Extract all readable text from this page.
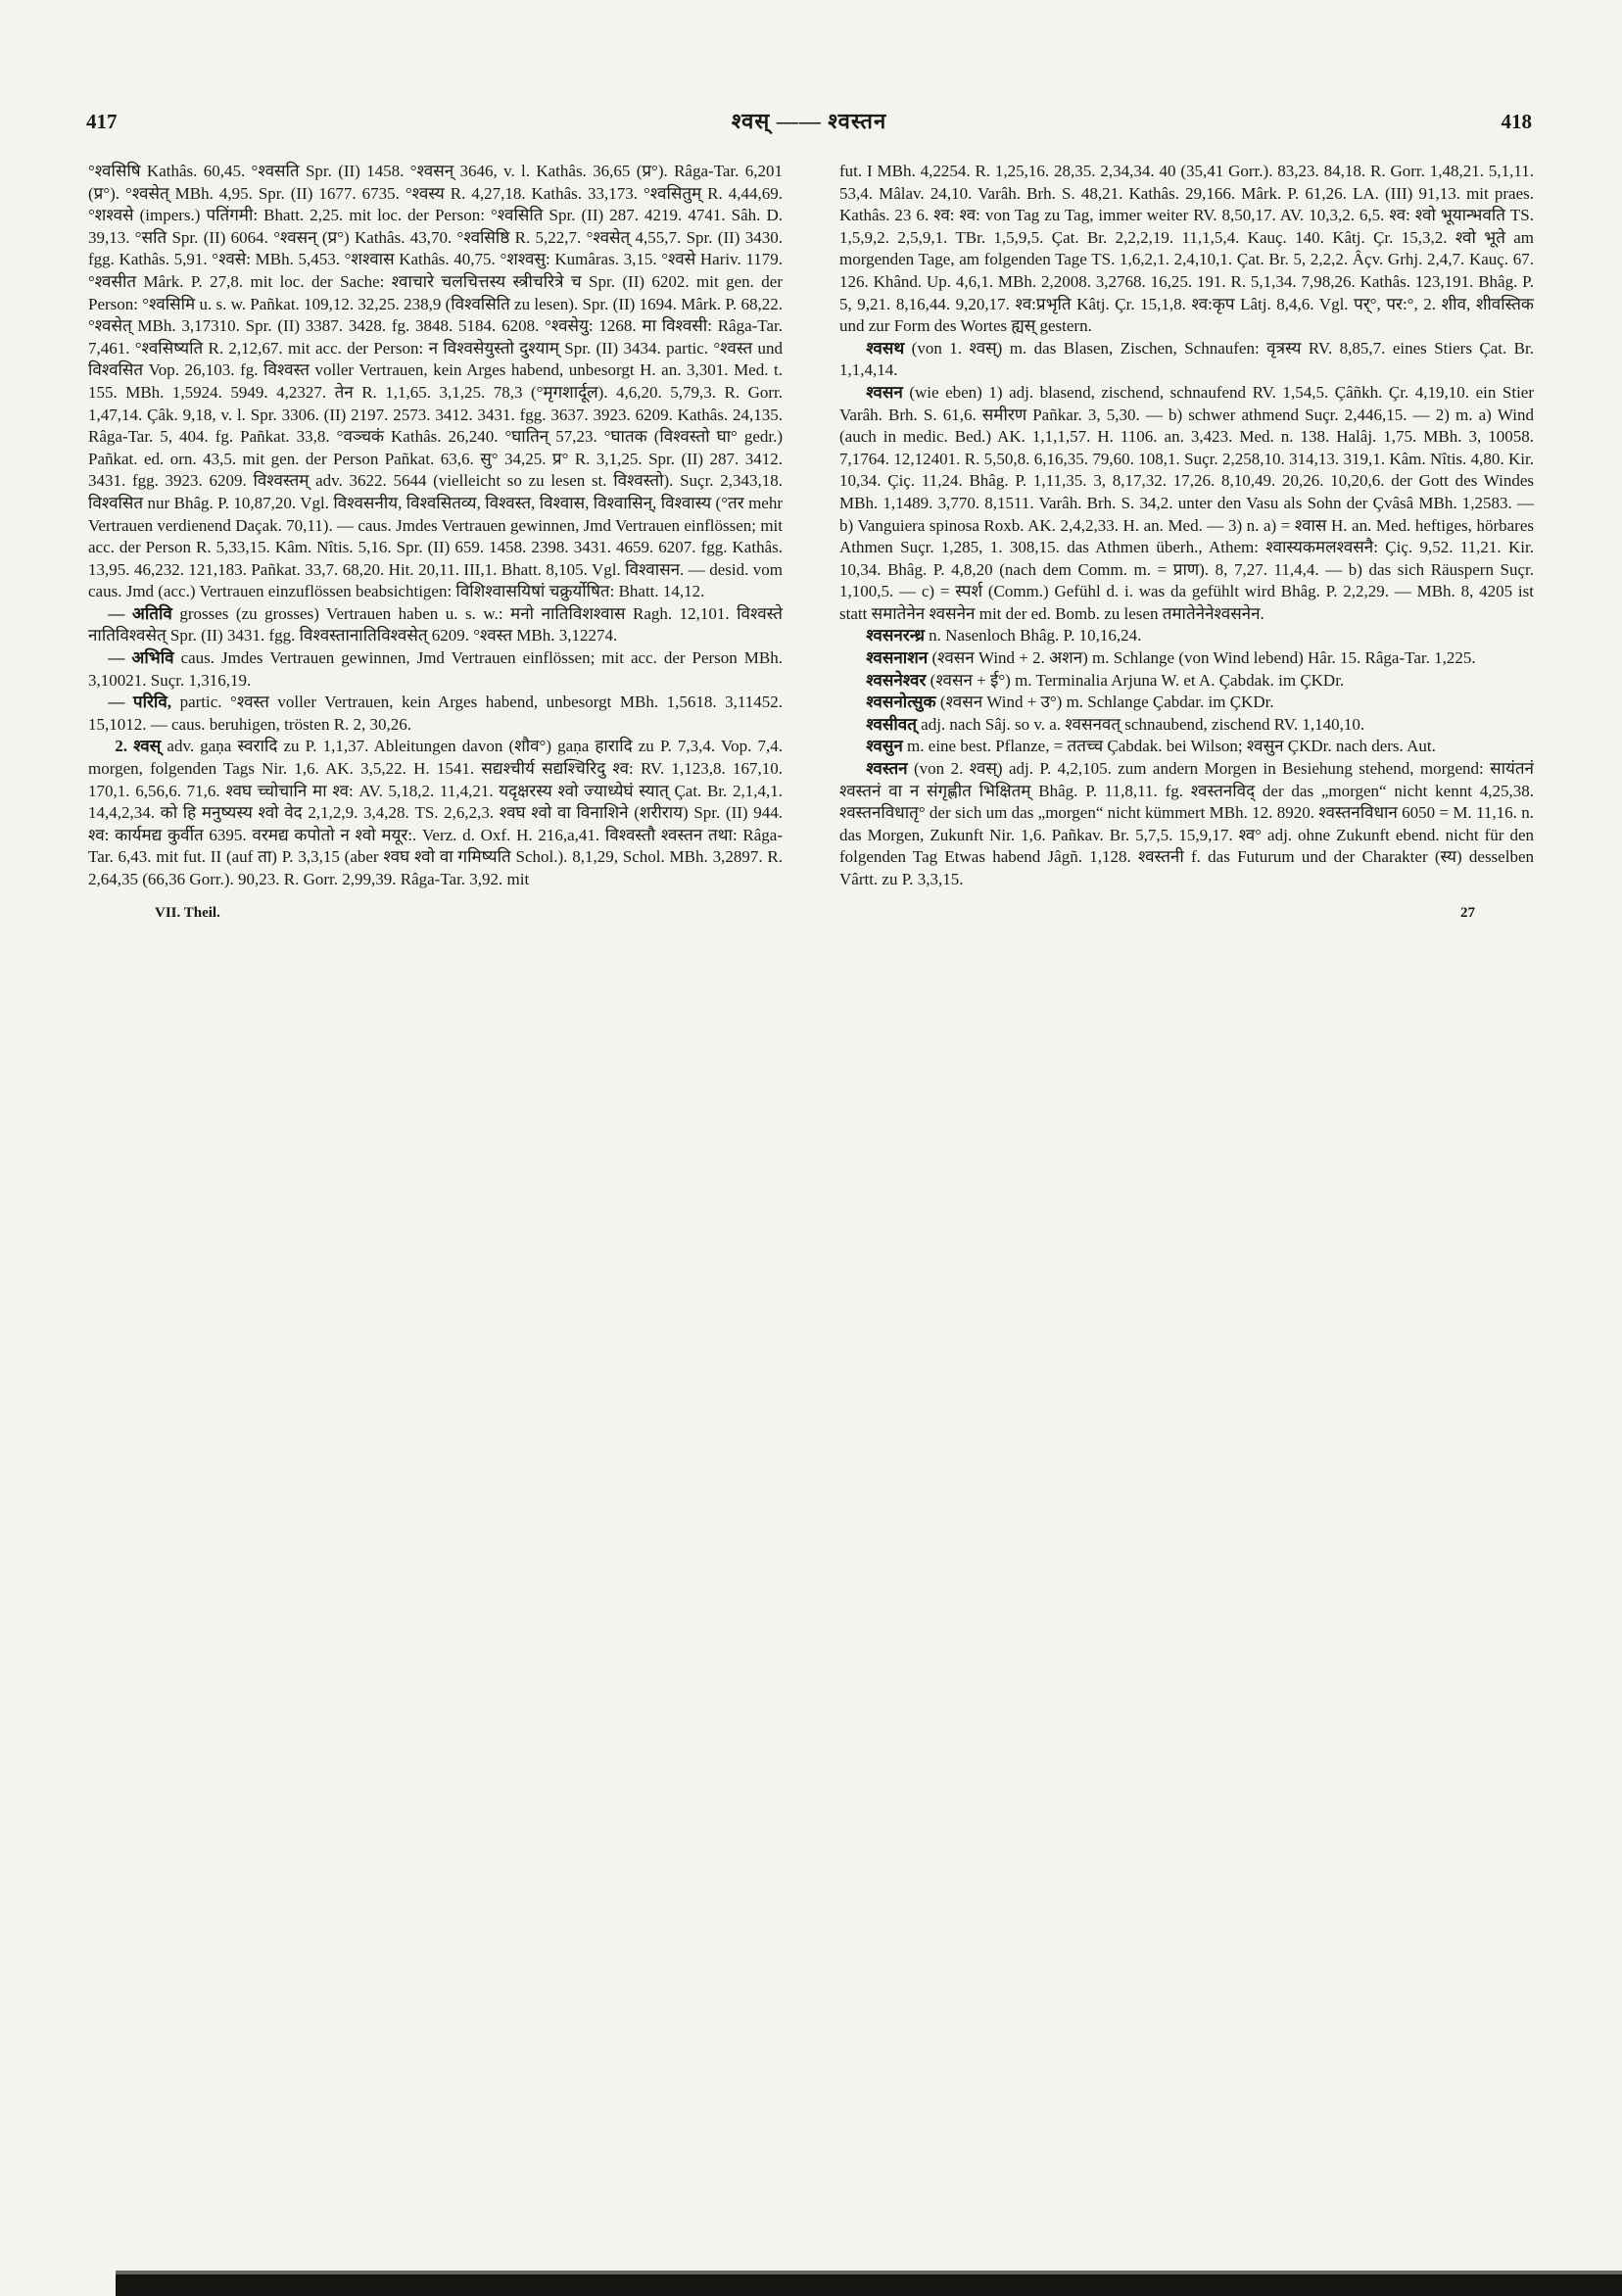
417	श्वस् —— श्वस्तन	418

°श्वसिषि Kathâs. 60,45. °श्वसति Spr. (II) 1458. °श्वसन् 3646, v. l. Kathâs. 36,65 (प्र°). Râga-Tar. 6,201 (प्र°). °श्वसेत् MBh. 4,95. Spr. (II) 1677. 6735. °श्वस्य R. 4,27,18. Kathâs. 33,173. °श्वसितुम् R. 4,44,69. °शश्वसे (impers.) पतिंगमी: Bhatt. 2,25. mit loc. der Person: °श्वसिति Spr. (II) 287. 4219. 4741. Sâh. D. 39,13. °सति Spr. (II) 6064. °श्वसन् (प्र°) Kathâs. 43,70. °श्वसिष्ठि R. 5,22,7. °श्वसेत् 4,55,7. Spr. (II) 3430. fgg. Kathâs. 5,91. °श्वसे: MBh. 5,453. °शश्वास Kathâs. 40,75. °शश्वसु: Kumâras. 3,15. °श्वसे Hariv. 1179. °श्वसीत Mârk. P. 27,8. mit loc. der Sache: श्वाचारे चलचित्तस्य स्त्रीचरित्रे च Spr. (II) 6202. mit gen. der Person: °श्वसिमि u. s. w. Pañkat. 109,12. 32,25. 238,9 (विश्वसिति zu lesen). Spr. (II) 1694. Mârk. P. 68,22. °श्वसेत् MBh. 3,17310. Spr. (II) 3387. 3428. fg. 3848. 5184. 6208. °श्वसेयु: 1268. मा विश्वसी: Râga-Tar. 7,461. °श्वसिष्यति R. 2,12,67. mit acc. der Person: न विश्वसेयुस्तो दुश्याम् Spr. (II) 3434. partic. °श्वस्त und विश्वसित Vop. 26,103. fg. विश्वस्त voller Vertrauen, kein Arges habend, unbesorgt H. an. 3,301. Med. t. 155. MBh. 1,5924. 5949. 4,2327. तेन R. 1,1,65. 3,1,25. 78,3 (°मृगशार्दूल). 4,6,20. 5,79,3. R. Gorr. 1,47,14. Çâk. 9,18, v. l. Spr. 3306. (II) 2197. 2573. 3412. 3431. fgg. 3637. 3923. 6209. Kathâs. 24,135. Râga-Tar. 5, 404. fg. Pañkat. 33,8. °वञ्चकं Kathâs. 26,240. °घातिन् 57,23. °घातक (विश्वस्तो घा° gedr.) Pañkat. ed. orn. 43,5. mit gen. der Person Pañkat. 63,6. सु° 34,25. प्र° R. 3,1,25. Spr. (II) 287. 3412. 3431. fgg. 3923. 6209. विश्वस्तम् adv. 3622. 5644 (vielleicht so zu lesen st. विश्वस्तो). Suçr. 2,343,18. विश्वसित nur Bhâg. P. 10,87,20. Vgl. विश्वसनीय, विश्वसितव्य, विश्वस्त, विश्वास, विश्वासिन्, विश्वास्य (°तर mehr Vertrauen verdienend Daçak. 70,11). — caus. Jmdes Vertrauen gewinnen, Jmd Vertrauen einflössen; mit acc. der Person R. 5,33,15. Kâm. Nîtis. 5,16. Spr. (II) 659. 1458. 2398. 3431. 4659. 6207. fgg. Kathâs. 13,95. 46,232. 121,183. Pañkat. 33,7. 68,20. Hit. 20,11. III,1. Bhatt. 8,105. Vgl. विश्वासन. — desid. vom caus. Jmd (acc.) Vertrauen einzuflössen beabsichtigen: विशिश्वासयिषां चक्रुर्योषित: Bhatt. 14,12.

— अतिवि grosses (zu grosses) Vertrauen haben u. s. w.: मनो नातिविशश्वास Ragh. 12,101. विश्वस्ते नातिविश्वसेत् Spr. (II) 3431. fgg. विश्वस्तानातिविश्वसेत् 6209. °श्वस्त MBh. 3,12274.

— अभिवि caus. Jmdes Vertrauen gewinnen, Jmd Vertrauen einflössen; mit acc. der Person MBh. 3,10021. Suçr. 1,316,19.

— परिवि, partic. °श्वस्त voller Vertrauen, kein Arges habend, unbesorgt MBh. 1,5618. 3,11452. 15,1012. — caus. beruhigen, trösten R. 2, 30,26.

2. श्वस् adv. gaṇa स्वरादि zu P. 1,1,37. Ableitungen davon (शौव°) gaṇa हारादि zu P. 7,3,4. Vop. 7,4. morgen, folgenden Tags Nir. 1,6. AK. 3,5,22. H. 1541. सद्यश्चीर्य सद्यश्चिरिदु श्व: RV. 1,123,8. 167,10. 170,1. 6,56,6. 71,6. श्वघ च्चोचानि मा श्व: AV. 5,18,2. 11,4,21. यदृक्षरस्य श्वो ज्याध्येघं स्यात् Çat. Br. 2,1,4,1. 14,4,2,34. को हि मनुष्यस्य श्वो वेद 2,1,2,9. 3,4,28. TS. 2,6,2,3. श्वघ श्वो वा विनाशिने (शरीराय) Spr. (II) 944. श्व: कार्यमद्य कुर्वीत 6395. वरमद्य कपोतो न श्वो मयूर:. Verz. d. Oxf. H. 216,a,41. विश्वस्तौ श्वस्तन तथा: Râga-Tar. 6,43. mit fut. II (auf ता) P. 3,3,15 (aber श्वघ श्वो वा गमिष्यति Schol.). 8,1,29, Schol. MBh. 3,2897. R. 2,64,35 (66,36 Gorr.). 90,23. R. Gorr. 2,99,39. Râga-Tar. 3,92. mit

fut. I MBh. 4,2254. R. 1,25,16. 28,35. 2,34,34. 40 (35,41 Gorr.). 83,23. 84,18. R. Gorr. 1,48,21. 5,1,11. 53,4. Mâlav. 24,10. Varâh. Brh. S. 48,21. Kathâs. 29,166. Mârk. P. 61,26. LA. (III) 91,13. mit praes. Kathâs. 23 6. श्व: श्व: von Tag zu Tag, immer weiter RV. 8,50,17. AV. 10,3,2. 6,5. श्व: श्वो भूयान्भवति TS. 1,5,9,2. 2,5,9,1. TBr. 1,5,9,5. Çat. Br. 2,2,2,19. 11,1,5,4. Kauç. 140. Kâtj. Çr. 15,3,2. श्वो भूते am morgenden Tage, am folgenden Tage TS. 1,6,2,1. 2,4,10,1. Çat. Br. 5, 2,2,2. Âçv. Grhj. 2,4,7. Kauç. 67. 126. Khând. Up. 4,6,1. MBh. 2,2008. 3,2768. 16,25. 191. R. 5,1,34. 7,98,26. Kathâs. 123,191. Bhâg. P. 5, 9,21. 8,16,44. 9,20,17. श्व:प्रभृति Kâtj. Çr. 15,1,8. श्व:कृप Lâtj. 8,4,6. Vgl. पर्°, पर:°, 2. शीव, शीवस्तिक und zur Form des Wortes ह्यस् gestern.

श्वसथ (von 1. श्वस्) m. das Blasen, Zischen, Schnaufen: वृत्रस्य RV. 8,85,7. eines Stiers Çat. Br. 1,1,4,14.

श्वसन (wie eben) 1) adj. blasend, zischend, schnaufend RV. 1,54,5. Çâñkh. Çr. 4,19,10. ein Stier Varâh. Brh. S. 61,6. समीरण Pañkar. 3, 5,30. — b) schwer athmend Suçr. 2,446,15. — 2) m. a) Wind (auch in medic. Bed.) AK. 1,1,1,57. H. 1106. an. 3,423. Med. n. 138. Halâj. 1,75. MBh. 3, 10058. 7,1764. 12,12401. R. 5,50,8. 6,16,35. 79,60. 108,1. Suçr. 2,258,10. 314,13. 319,1. Kâm. Nîtis. 4,80. Kir. 10,34. Çiç. 11,24. Bhâg. P. 1,11,35. 3, 8,17,32. 17,26. 8,10,49. 20,26. 10,20,6. der Gott des Windes MBh. 1,1489. 3,770. 8,1511. Varâh. Brh. S. 34,2. unter den Vasu als Sohn der Çvâsâ MBh. 1,2583. — b) Vanguiera spinosa Roxb. AK. 2,4,2,33. H. an. Med. — 3) n. a) = श्वास H. an. Med. heftiges, hörbares Athmen Suçr. 1,285, 1. 308,15. das Athmen überh., Athem: श्वास्यकमलश्वसनै: Çiç. 9,52. 11,21. Kir. 10,34. Bhâg. P. 4,8,20 (nach dem Comm. m. = प्राण). 8, 7,27. 11,4,4. — b) das sich Räuspern Suçr. 1,100,5. — c) = स्पर्श (Comm.) Gefühl d. i. was da gefühlt wird Bhâg. P. 2,2,29. — MBh. 8, 4205 ist statt समातेनेन श्वसनेन mit der ed. Bomb. zu lesen तमातेनेनेश्वसनेन.

श्वसनरन्ध्र n. Nasenloch Bhâg. P. 10,16,24.

श्वसनाशन (श्वसन Wind + 2. अशन) m. Schlange (von Wind lebend) Hâr. 15. Râga-Tar. 1,225.

श्वसनेश्वर (श्वसन + ई°) m. Terminalia Arjuna W. et A. Çabdak. im ÇKDr.

श्वसनोत्सुक (श्वसन Wind + उ°) m. Schlange Çabdar. im ÇKDr.

श्वसीवत् adj. nach Sâj. so v. a. श्वसनवत् schnaubend, zischend RV. 1,140,10.

श्वसुन m. eine best. Pflanze, = ततच्च Çabdak. bei Wilson; श्वसुन ÇKDr. nach ders. Aut.

श्वस्तन (von 2. श्वस्) adj. P. 4,2,105. zum andern Morgen in Besiehung stehend, morgend: सायंतनं श्वस्तनं वा न संगृह्णीत भिक्षितम् Bhâg. P. 11,8,11. fg. श्वस्तनविद् der das „morgen“ nicht kennt 4,25,38. श्वस्तनविधातृ° der sich um das „morgen“ nicht kümmert MBh. 12. 8920. श्वस्तनविधान 6050 = M. 11,16. n. das Morgen, Zukunft Nir. 1,6. Pañkav. Br. 5,7,5. 15,9,17. श्व° adj. ohne Zukunft ebend. nicht für den folgenden Tag Etwas habend Jâgñ. 1,128. श्वस्तनी f. das Futurum und der Charakter (स्य) desselben Vârtt. zu P. 3,3,15.

VII. Theil.	27
